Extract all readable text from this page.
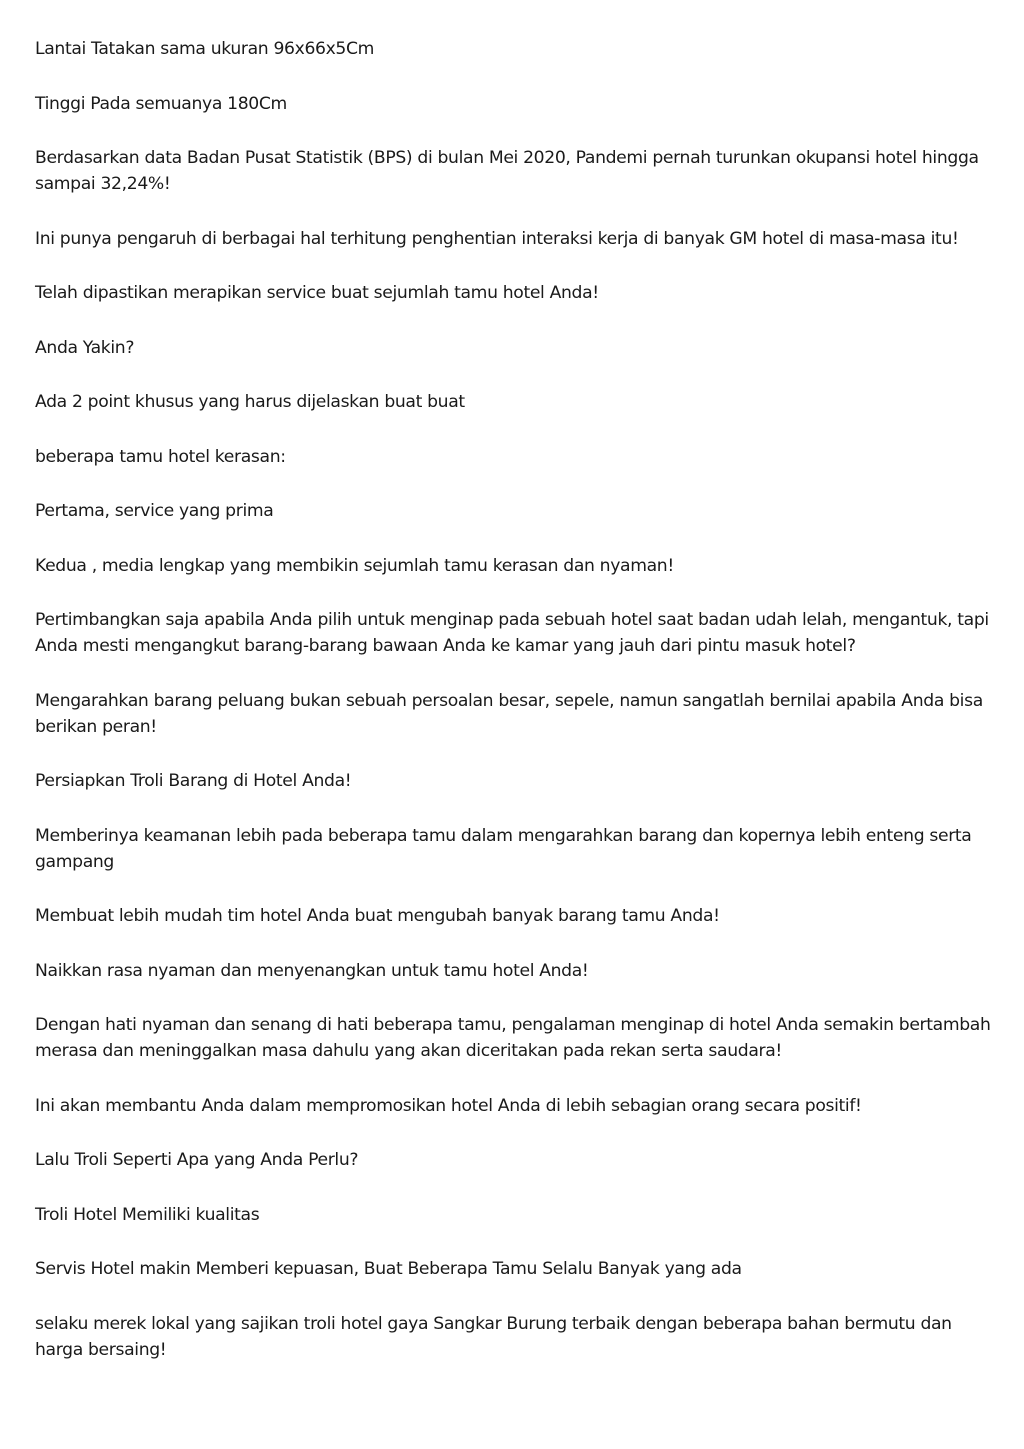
Lantai Tatakan sama ukuran 96x66x5Cm

Tinggi Pada semuanya 180Cm

Berdasarkan data Badan Pusat Statistik (BPS) di bulan Mei 2020, Pandemi pernah turunkan okupansi hotel hingga sampai 32,24%!

Ini punya pengaruh di berbagai hal terhitung penghentian interaksi kerja di banyak GM hotel di masa-masa itu!

Telah dipastikan merapikan service buat sejumlah tamu hotel Anda!

Anda Yakin?

Ada 2 point khusus yang harus dijelaskan buat buat

beberapa tamu hotel kerasan:

Pertama, service yang prima

Kedua , media lengkap yang membikin sejumlah tamu kerasan dan nyaman!

Pertimbangkan saja apabila Anda pilih untuk menginap pada sebuah hotel saat badan udah lelah, mengantuk, tapi Anda mesti mengangkut barang-barang bawaan Anda ke kamar yang jauh dari pintu masuk hotel?

Mengarahkan barang peluang bukan sebuah persoalan besar, sepele, namun sangatlah bernilai apabila Anda bisa berikan peran!

Persiapkan Troli Barang di Hotel Anda!

Memberinya keamanan lebih pada beberapa tamu dalam mengarahkan barang dan kopernya lebih enteng serta gampang

Membuat lebih mudah tim hotel Anda buat mengubah banyak barang tamu Anda!

Naikkan rasa nyaman dan menyenangkan untuk tamu hotel Anda!

Dengan hati nyaman dan senang di hati beberapa tamu, pengalaman menginap di hotel Anda semakin bertambah merasa dan meninggalkan masa dahulu yang akan diceritakan pada rekan serta saudara!

Ini akan membantu Anda dalam mempromosikan hotel Anda di lebih sebagian orang secara positif!

Lalu Troli Seperti Apa yang Anda Perlu?

Troli Hotel Memiliki kualitas

Servis Hotel makin Memberi kepuasan, Buat Beberapa Tamu Selalu Banyak yang ada

selaku merek lokal yang sajikan troli hotel gaya Sangkar Burung terbaik dengan beberapa bahan bermutu dan harga bersaing!
